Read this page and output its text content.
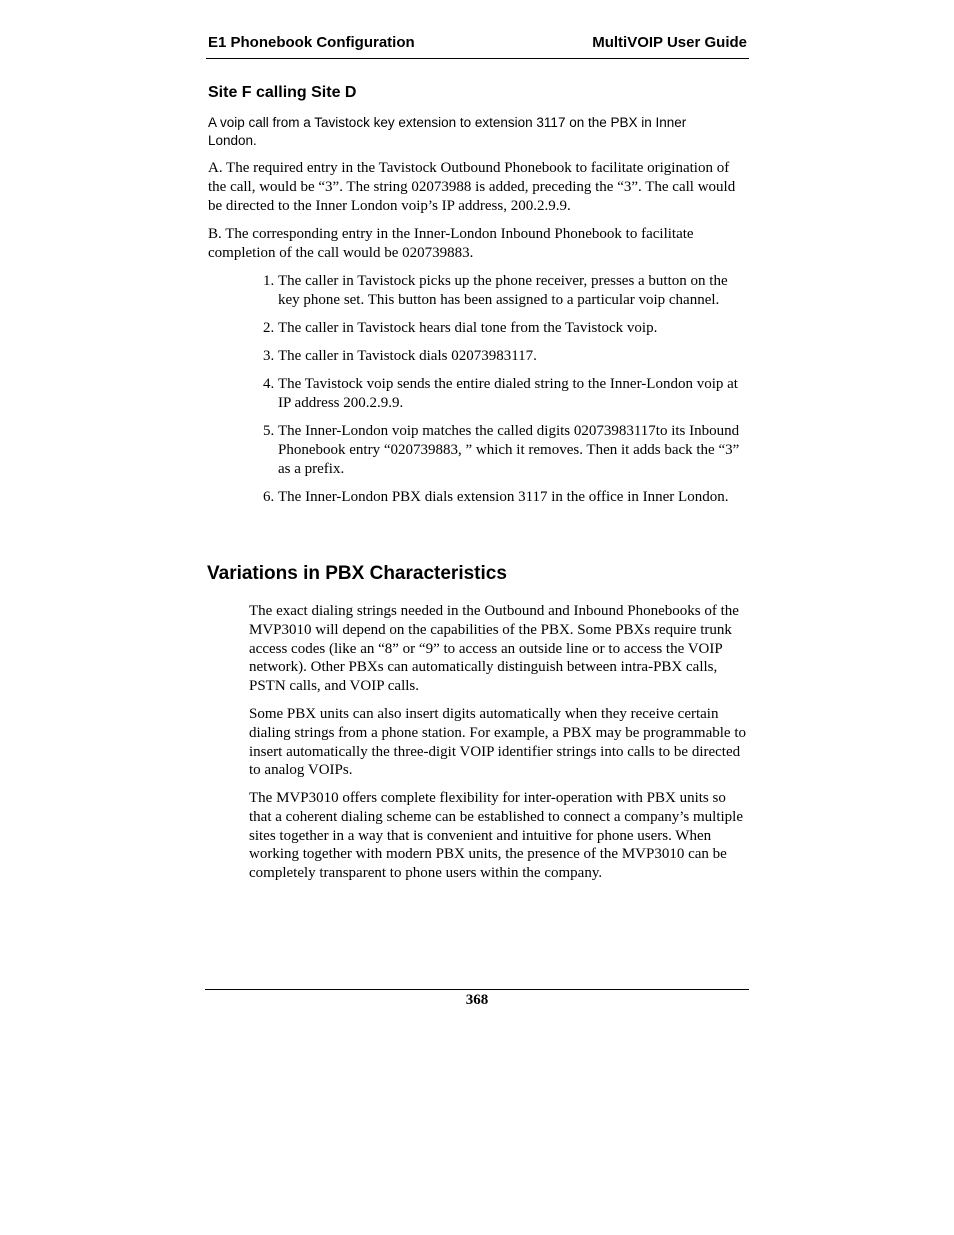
E1 Phonebook Configuration	MultiVOIP User Guide
Site F calling Site D
A voip call from a Tavistock key extension to extension 3117 on the PBX in Inner London.
A. The required entry in the Tavistock Outbound Phonebook to facilitate origination of the call, would be “3”. The string 02073988 is added, preceding the “3”. The call would be directed to the Inner London voip’s IP address, 200.2.9.9.
B. The corresponding entry in the Inner-London Inbound Phonebook to facilitate completion of the call would be 020739883.
1. The caller in Tavistock picks up the phone receiver, presses a button on the key phone set. This button has been assigned to a particular voip channel.
2. The caller in Tavistock hears dial tone from the Tavistock voip.
3. The caller in Tavistock dials 02073983117.
4. The Tavistock voip sends the entire dialed string to the Inner-London voip at IP address 200.2.9.9.
5. The Inner-London voip matches the called digits 02073983117to its Inbound Phonebook entry “020739883, ” which it removes. Then it adds back the “3” as a prefix.
6. The Inner-London PBX dials extension 3117 in the office in Inner London.
Variations in PBX Characteristics
The exact dialing strings needed in the Outbound and Inbound Phonebooks of the MVP3010 will depend on the capabilities of the PBX. Some PBXs require trunk access codes (like an “8” or “9” to access an outside line or to access the VOIP network). Other PBXs can automatically distinguish between intra-PBX calls, PSTN calls, and VOIP calls.
Some PBX units can also insert digits automatically when they receive certain dialing strings from a phone station. For example, a PBX may be programmable to insert automatically the three-digit VOIP identifier strings into calls to be directed to analog VOIPs.
The MVP3010 offers complete flexibility for inter-operation with PBX units so that a coherent dialing scheme can be established to connect a company’s multiple sites together in a way that is convenient and intuitive for phone users. When working together with modern PBX units, the presence of the MVP3010 can be completely transparent to phone users within the company.
368
